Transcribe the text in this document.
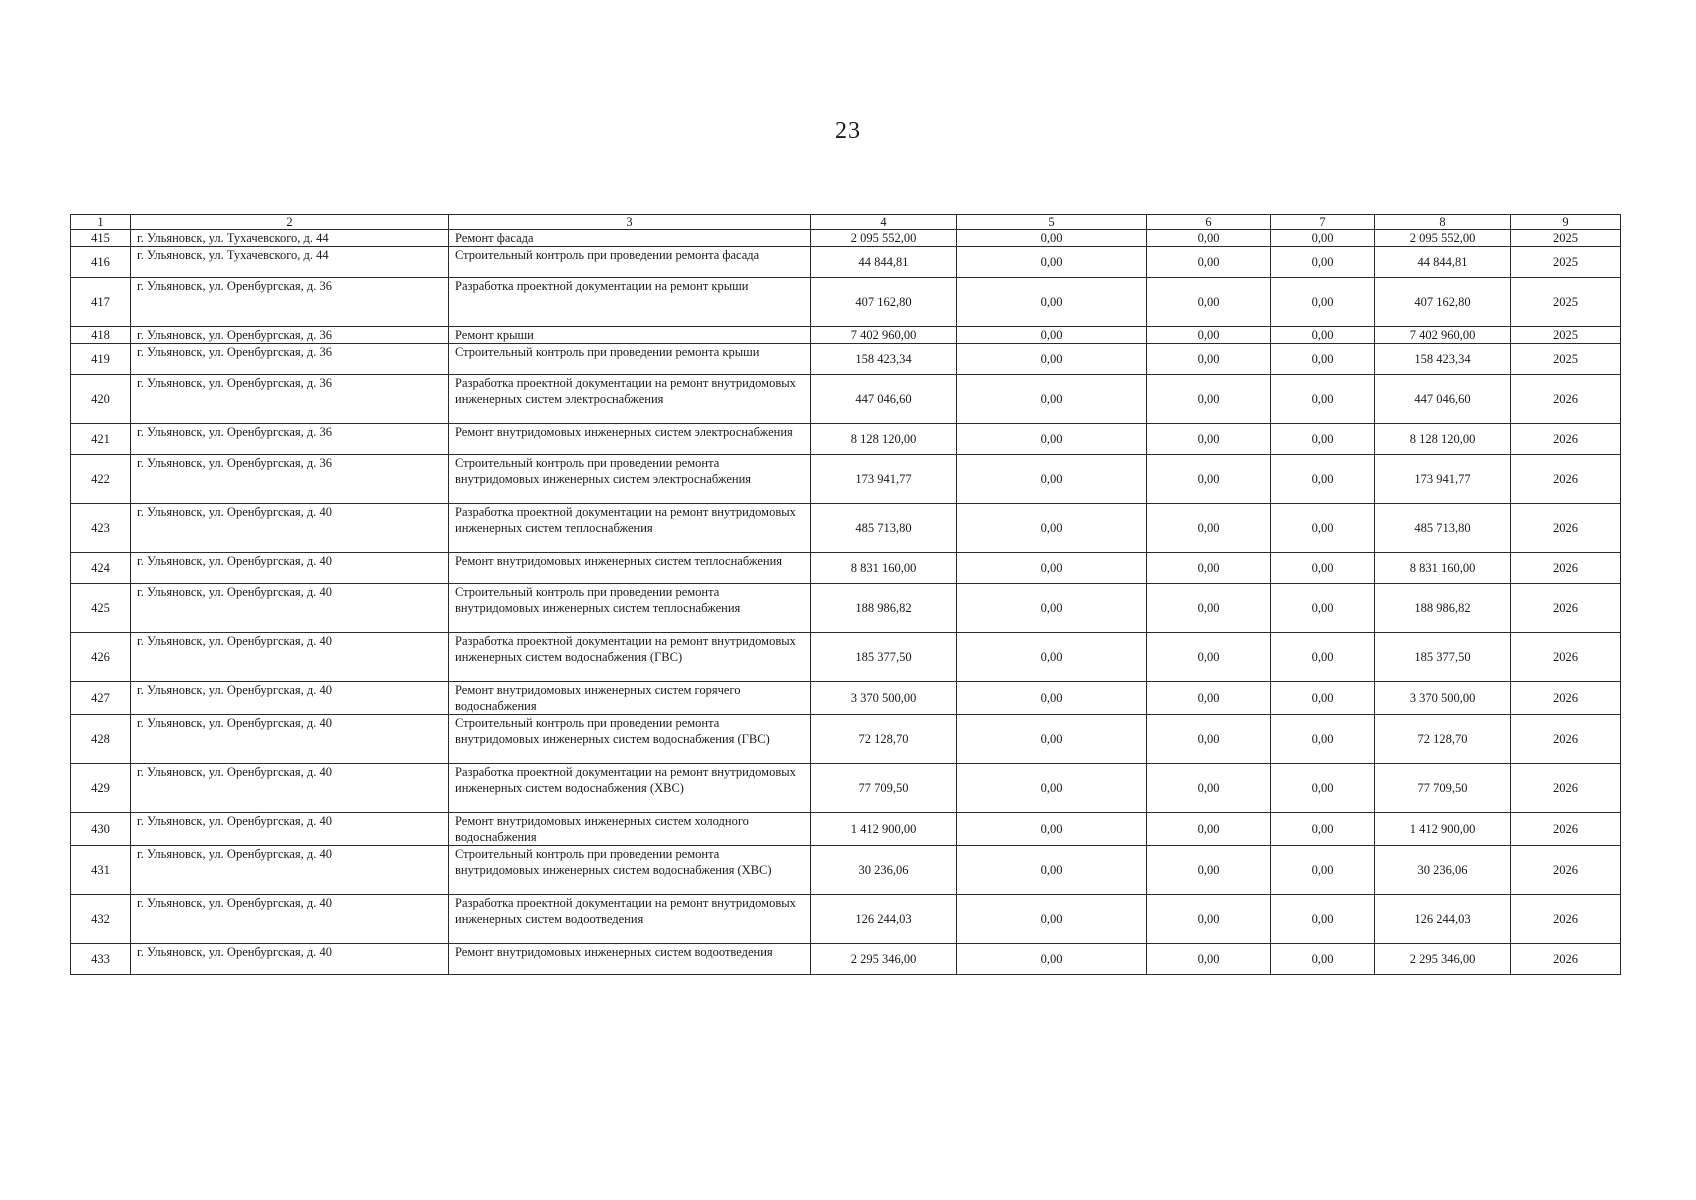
23
1	2	3	4	5	6	7	8	9
415	г. Ульяновск, ул. Тухачевского, д. 44	Ремонт фасада	2 095 552,00	0,00	0,00	0,00	2 095 552,00	2025
416	г. Ульяновск, ул. Тухачевского, д. 44	Строительный контроль при проведении ремонта фасада	44 844,81	0,00	0,00	0,00	44 844,81	2025
417	г. Ульяновск, ул. Оренбургская, д. 36	Разработка проектной документации на ремонт крыши	407 162,80	0,00	0,00	0,00	407 162,80	2025
418	г. Ульяновск, ул. Оренбургская, д. 36	Ремонт крыши	7 402 960,00	0,00	0,00	0,00	7 402 960,00	2025
419	г. Ульяновск, ул. Оренбургская, д. 36	Строительный контроль при проведении ремонта крыши	158 423,34	0,00	0,00	0,00	158 423,34	2025
420	г. Ульяновск, ул. Оренбургская, д. 36	Разработка проектной документации на ремонт внутридомовых инженерных систем электроснабжения	447 046,60	0,00	0,00	0,00	447 046,60	2026
421	г. Ульяновск, ул. Оренбургская, д. 36	Ремонт внутридомовых инженерных систем электроснабжения	8 128 120,00	0,00	0,00	0,00	8 128 120,00	2026
422	г. Ульяновск, ул. Оренбургская, д. 36	Строительный контроль при проведении ремонта внутридомовых инженерных систем электроснабжения	173 941,77	0,00	0,00	0,00	173 941,77	2026
423	г. Ульяновск, ул. Оренбургская, д. 40	Разработка проектной документации на ремонт внутридомовых инженерных систем теплоснабжения	485 713,80	0,00	0,00	0,00	485 713,80	2026
424	г. Ульяновск, ул. Оренбургская, д. 40	Ремонт внутридомовых инженерных систем теплоснабжения	8 831 160,00	0,00	0,00	0,00	8 831 160,00	2026
425	г. Ульяновск, ул. Оренбургская, д. 40	Строительный контроль при проведении ремонта внутридомовых инженерных систем теплоснабжения	188 986,82	0,00	0,00	0,00	188 986,82	2026
426	г. Ульяновск, ул. Оренбургская, д. 40	Разработка проектной документации на ремонт внутридомовых инженерных систем водоснабжения (ГВС)	185 377,50	0,00	0,00	0,00	185 377,50	2026
427	г. Ульяновск, ул. Оренбургская, д. 40	Ремонт внутридомовых инженерных систем горячего водоснабжения	3 370 500,00	0,00	0,00	0,00	3 370 500,00	2026
428	г. Ульяновск, ул. Оренбургская, д. 40	Строительный контроль при проведении ремонта внутридомовых инженерных систем водоснабжения (ГВС)	72 128,70	0,00	0,00	0,00	72 128,70	2026
429	г. Ульяновск, ул. Оренбургская, д. 40	Разработка проектной документации на ремонт внутридомовых инженерных систем водоснабжения (ХВС)	77 709,50	0,00	0,00	0,00	77 709,50	2026
430	г. Ульяновск, ул. Оренбургская, д. 40	Ремонт внутридомовых инженерных систем холодного водоснабжения	1 412 900,00	0,00	0,00	0,00	1 412 900,00	2026
431	г. Ульяновск, ул. Оренбургская, д. 40	Строительный контроль при проведении ремонта внутридомовых инженерных систем водоснабжения (ХВС)	30 236,06	0,00	0,00	0,00	30 236,06	2026
432	г. Ульяновск, ул. Оренбургская, д. 40	Разработка проектной документации на ремонт внутридомовых инженерных систем водоотведения	126 244,03	0,00	0,00	0,00	126 244,03	2026
433	г. Ульяновск, ул. Оренбургская, д. 40	Ремонт внутридомовых инженерных систем водоотведения	2 295 346,00	0,00	0,00	0,00	2 295 346,00	2026
